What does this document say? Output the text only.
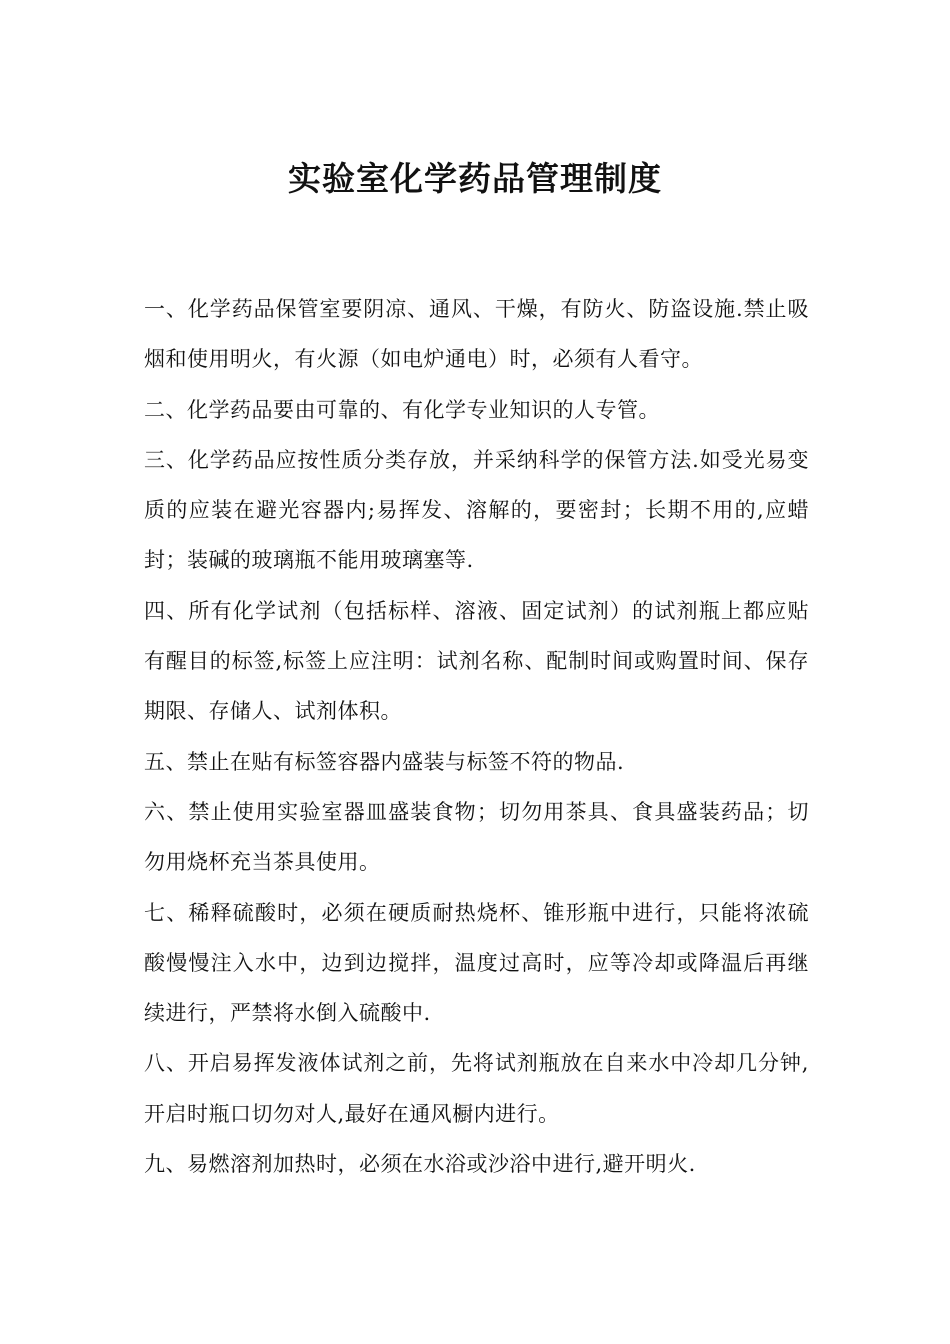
实验室化学药品管理制度

一、化学药品保管室要阴凉、通风、干燥，有防火、防盗设施.禁止吸烟和使用明火，有火源（如电炉通电）时，必须有人看守。

二、化学药品要由可靠的、有化学专业知识的人专管。

三、化学药品应按性质分类存放，并采纳科学的保管方法.如受光易变质的应装在避光容器内;易挥发、溶解的，要密封；长期不用的,应蜡封；装碱的玻璃瓶不能用玻璃塞等.

四、所有化学试剂（包括标样、溶液、固定试剂）的试剂瓶上都应贴有醒目的标签,标签上应注明：试剂名称、配制时间或购置时间、保存期限、存储人、试剂体积。

五、禁止在贴有标签容器内盛装与标签不符的物品.

六、禁止使用实验室器皿盛装食物；切勿用茶具、食具盛装药品；切勿用烧杯充当茶具使用。

七、稀释硫酸时，必须在硬质耐热烧杯、锥形瓶中进行，只能将浓硫酸慢慢注入水中，边到边搅拌，温度过高时，应等冷却或降温后再继续进行，严禁将水倒入硫酸中.

八、开启易挥发液体试剂之前，先将试剂瓶放在自来水中冷却几分钟,开启时瓶口切勿对人,最好在通风橱内进行。

九、易燃溶剂加热时，必须在水浴或沙浴中进行,避开明火.
